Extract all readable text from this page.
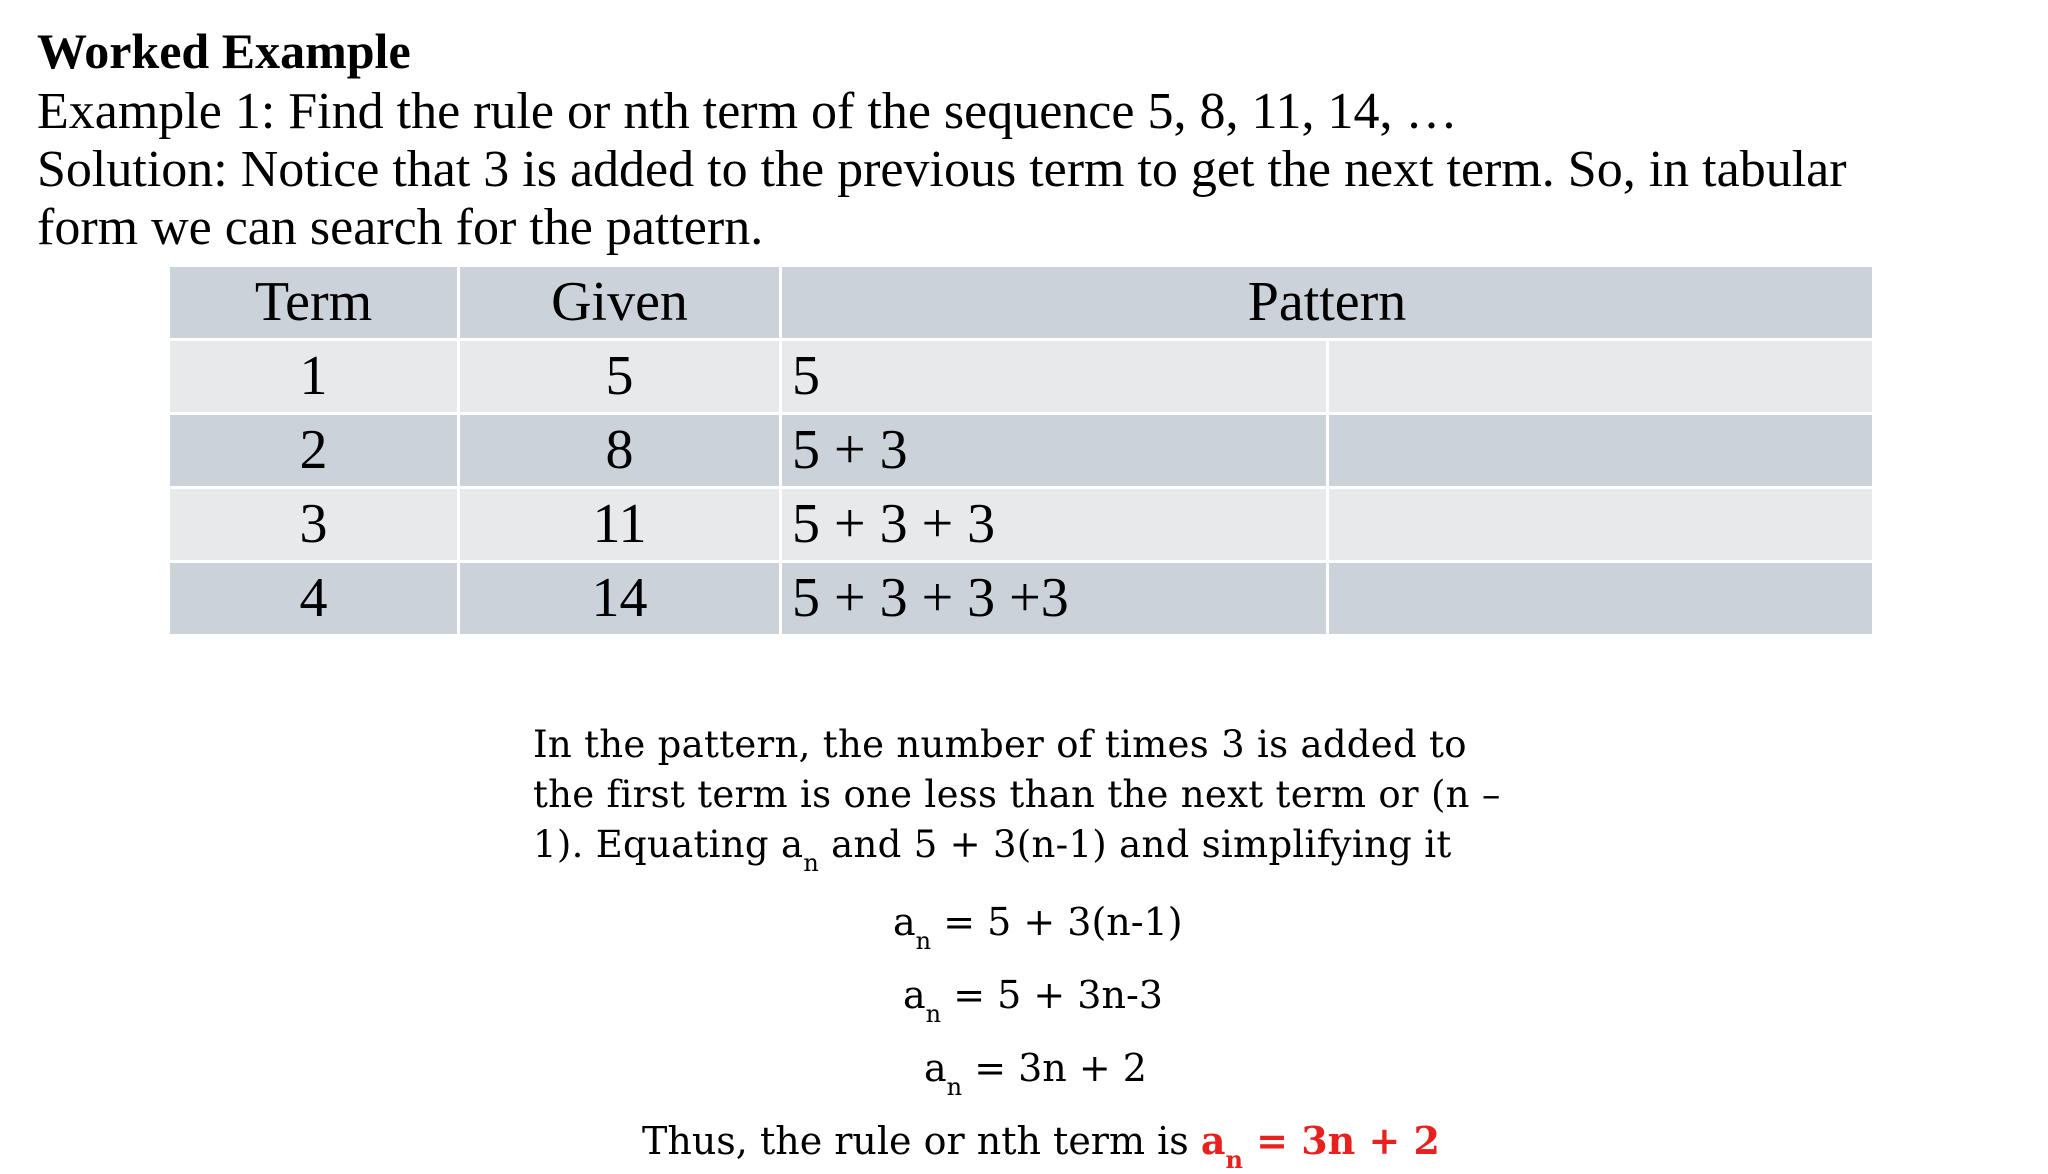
Worked Example
Example 1: Find the rule or nth term of the sequence 5, 8, 11, 14, …
Solution: Notice that 3 is added to the previous term to get the next term. So, in tabular
form we can search for the pattern.
Term	Given	Pattern	
1	5	5	
2	8	5 + 3	
3	11	5 + 3 + 3	
4	14	5 + 3 + 3 +3	
In the pattern, the number of times 3 is added to
the first term is one less than the next term or (n –
1). Equating $a_n$ and 5 + 3(n-1) and simplifying it
$a_n = 5 + 3(n-1)$
$a_n = 5 + 3n-3$
$a_n = 3n + 2$
Thus, the rule or nth term is $a_n = 3n + 2$
